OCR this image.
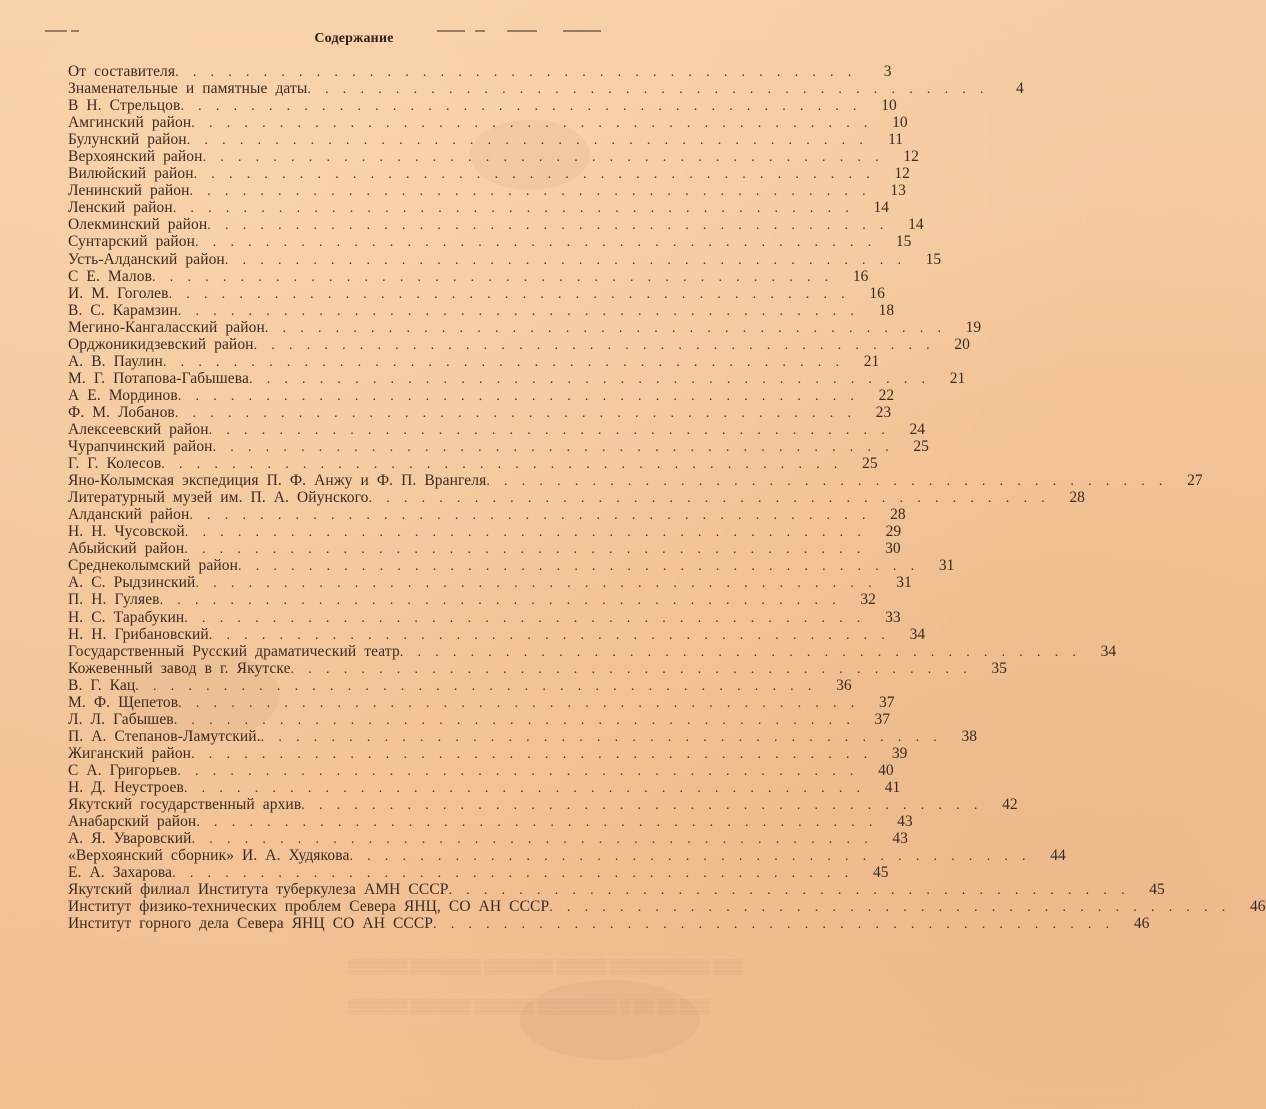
Содержание
От составителя .......................................	3
Знаменательные и памятные даты .......................................	4
В Н. Стрельцов ....................................... 10
Амгинский район ....................................... 10
Булунский район ....................................... 11
Верхоянский район ....................................... 12
Вилюйский район ....................................... 12
Ленинский район ....................................... 13
Ленский район ....................................... 14
Олекминский район ....................................... 14
Сунтарский район ....................................... 15
Усть-Алданский район ....................................... 15
С Е. Малов ....................................... 16
И. М. Гоголев ....................................... 16
В. С. Карамзин ....................................... 18
Мегино-Кангаласский район ....................................... 19
Орджоникидзевский район ....................................... 20
А. В. Паулин ....................................... 21
М. Г. Потапова-Габышева ....................................... 21
А Е. Мординов ....................................... 22
Ф. М. Лобанов ....................................... 23
Алексеевский район ....................................... 24
Чурапчинский район ....................................... 25
Г. Г. Колесов ....................................... 25
Яно-Колымская экспедиция П. Ф. Анжу и Ф. П. Врангеля ....................................... 27
Литературный музей им. П. А. Ойунского ....................................... 28
Алданский район ....................................... 28
Н. Н. Чусовской ....................................... 29
Абыйский район ....................................... 30
Среднеколымский район ....................................... 31
А. С. Рыдзинский ....................................... 31
П. Н. Гуляев ....................................... 32
Н. С. Тарабукин ....................................... 33
Н. Н. Грибановский ....................................... 34
Государственный Русский драматический театр ....................................... 34
Кожевенный завод в г. Якутске ....................................... 35
В. Г. Кац ....................................... 36
М. Ф. Щепетов ....................................... 37
Л. Л. Габышев ....................................... 37
П. А. Степанов-Ламутский. ....................................... 38
Жиганский район ....................................... 39
С А. Григорьев ....................................... 40
Н. Д. Неустроев ....................................... 41
Якутский государственный архив ....................................... 42
Анабарский район ....................................... 43
А. Я. Уваровский ....................................... 43
«Верхоянский сборник» И. А. Худякова ....................................... 44
Е. А. Захарова ....................................... 45
Якутский филиал Института туберкулеза АМН СССР ....................................... 45
Институт физико-технических проблем Севера ЯНЦ, СО АН СССР ....................................... 46
Институт горного дела Севера ЯНЦ СО АН СССР ....................................... 46
▒▒▒ ▒▒▒▒▒▒▒▒▒▒ ▒▒▒▒▒ ▒▒▒▒▒▒▒ ▒▒▒▒▒▒▒ ▒▒▒▒▒▒
▒▒▒ ▒▒ ▒▒ ▒ ▒▒▒▒▒▒▒▒ ▒▒▒▒▒▒ ▒▒▒▒▒▒ ▒▒▒▒▒▒
